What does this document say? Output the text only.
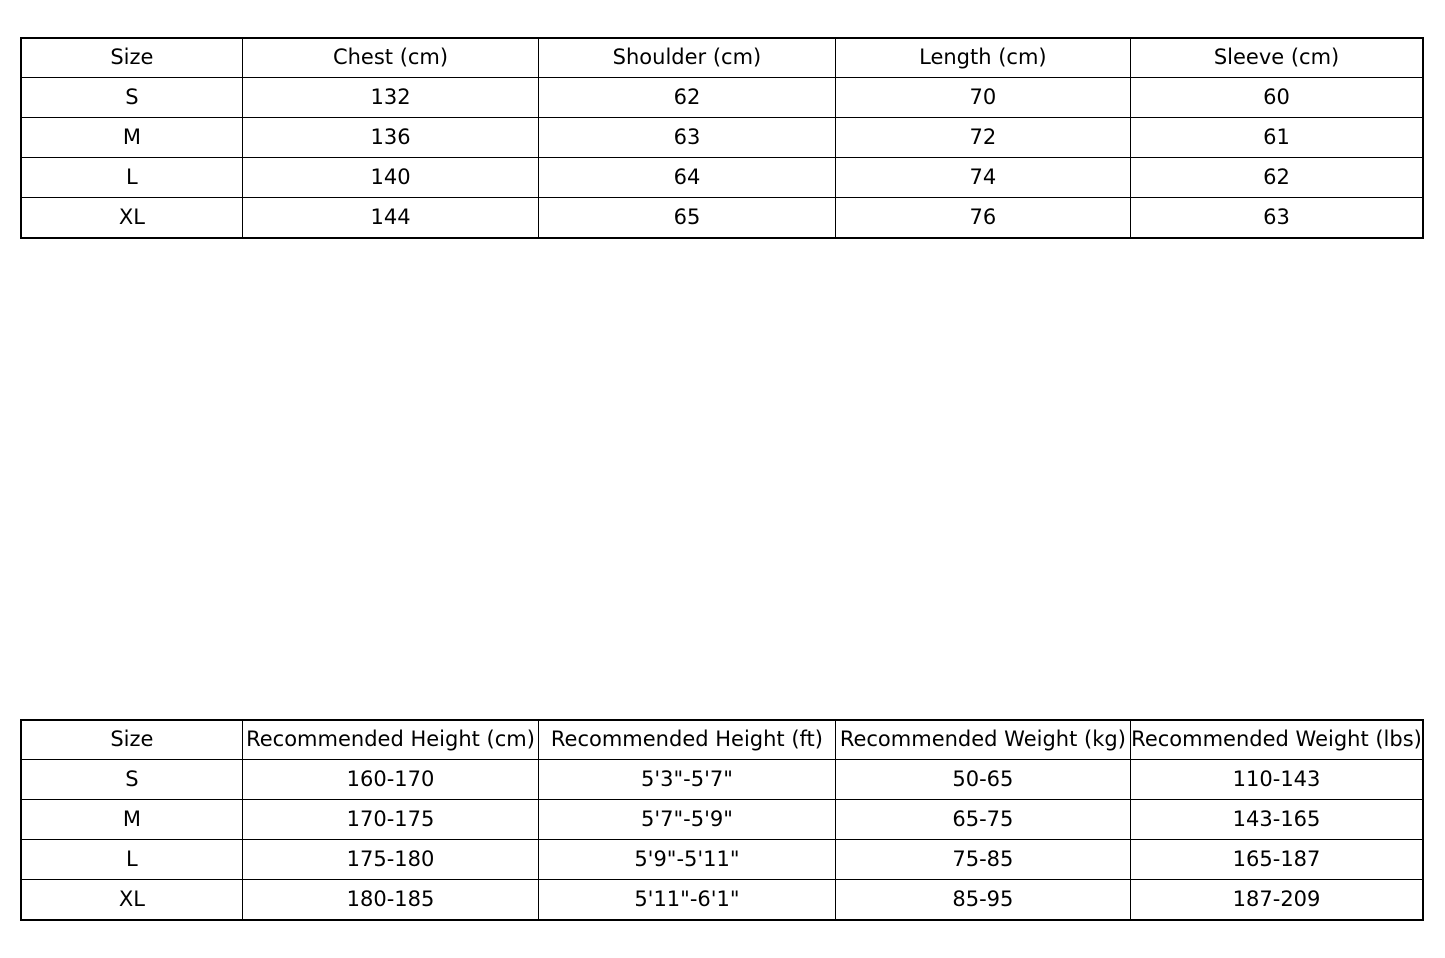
Size	Chest (cm)	Shoulder (cm)	Length (cm)	Sleeve (cm)
S	132	62	70	60
M	136	63	72	61
L	140	64	74	62
XL	144	65	76	63
Size	Recommended Height (cm)	Recommended Height (ft)	Recommended Weight (kg)	Recommended Weight (lbs)

S	160-170	5'3"-5'7"	50-65	110-143
M	170-175	5'7"-5'9"	65-75	143-165
L	175-180	5'9"-5'11"	75-85	165-187
XL	180-185	5'11"-6'1"	85-95	187-209
